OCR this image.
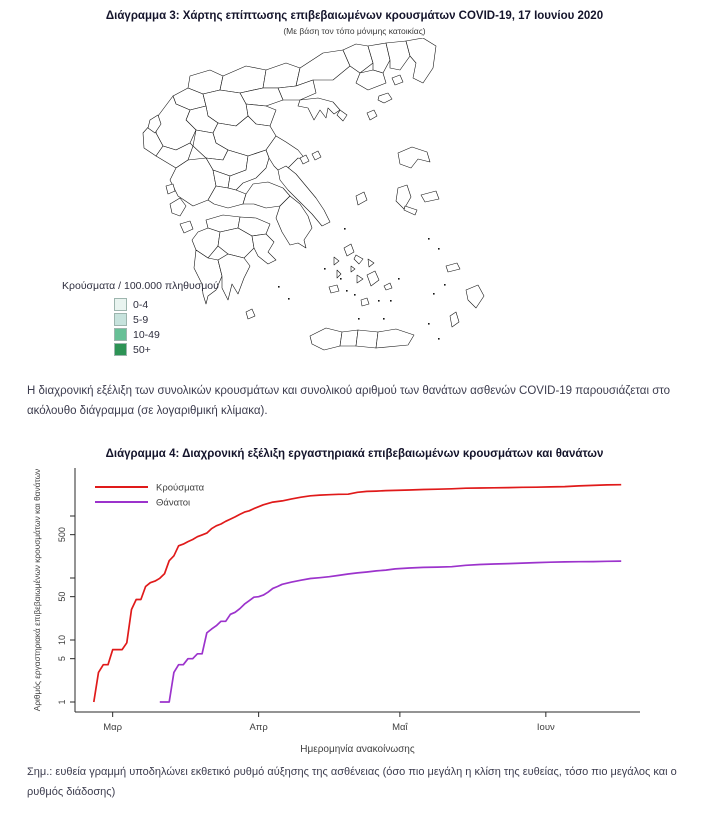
Διάγραμμα 3: Χάρτης επίπτωσης επιβεβαιωμένων κρουσμάτων COVID-19, 17 Ιουνίου 2020
(Με βάση τον τόπο μόνιμης κατοικίας)
Κρούσματα / 100.000 πληθυσμού
0-4
5-9
10-49
50+

Η διαχρονική εξέλιξη των συνολικών κρουσμάτων και συνολικού αριθμού των θανάτων ασθενών COVID-19 παρουσιάζεται στο ακόλουθο διάγραμμα (σε λογαριθμική κλίμακα).

Διάγραμμα 4: Διαχρονική εξέλιξη εργαστηριακά επιβεβαιωμένων κρουσμάτων και θανάτων
1
5
10
50
500
Μαρ	Απρ	Μαΐ	Ιουν
Ημερομηνία ανακοίνωσης
Αριθμός εργαστηριακά επιβεβαιωμένων κρουσμάτων και θανάτων	Κρούσματα
Θάνατοι

Σημ.: ευθεία γραμμή υποδηλώνει εκθετικό ρυθμό αύξησης της ασθένειας (όσο πιο μεγάλη η κλίση της ευθείας, τόσο πιο μεγάλος και ο ρυθμός διάδοσης)
